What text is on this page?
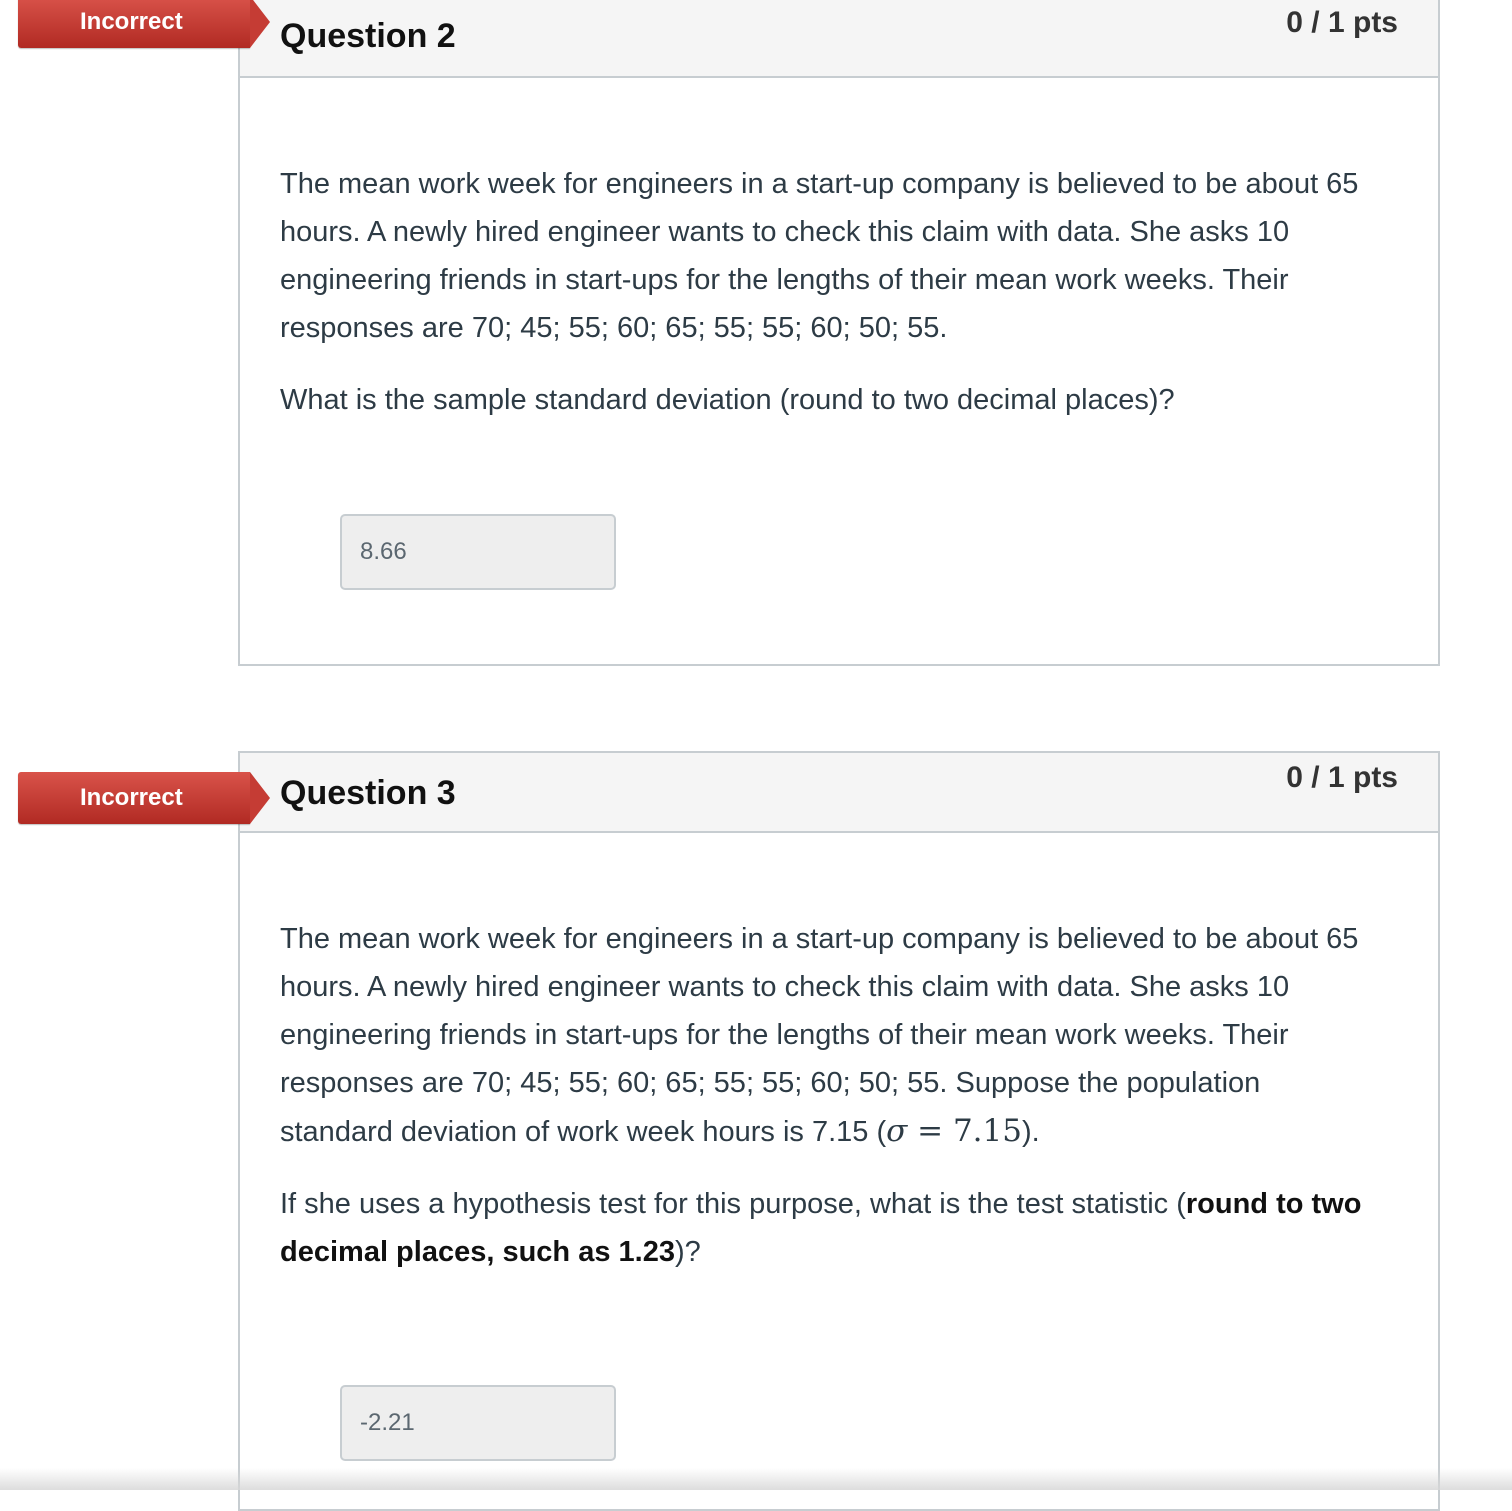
Incorrect	Question 2	0 / 1 pts

The mean work week for engineers in a start-up company is believed to be about 65 hours. A newly hired engineer wants to check this claim with data. She asks 10 engineering friends in start-ups for the lengths of their mean work weeks. Their responses are 70; 45; 55; 60; 65; 55; 55; 60; 50; 55.

What is the sample standard deviation (round to two decimal places)?

8.66
Incorrect	Question 3	0 / 1 pts

The mean work week for engineers in a start-up company is believed to be about 65 hours. A newly hired engineer wants to check this claim with data. She asks 10 engineering friends in start-ups for the lengths of their mean work weeks. Their responses are 70; 45; 55; 60; 65; 55; 55; 60; 50; 55. Suppose the population standard deviation of work week hours is 7.15 (σ = 7.15).

If she uses a hypothesis test for this purpose, what is the test statistic (round to two decimal places, such as 1.23)?

-2.21
